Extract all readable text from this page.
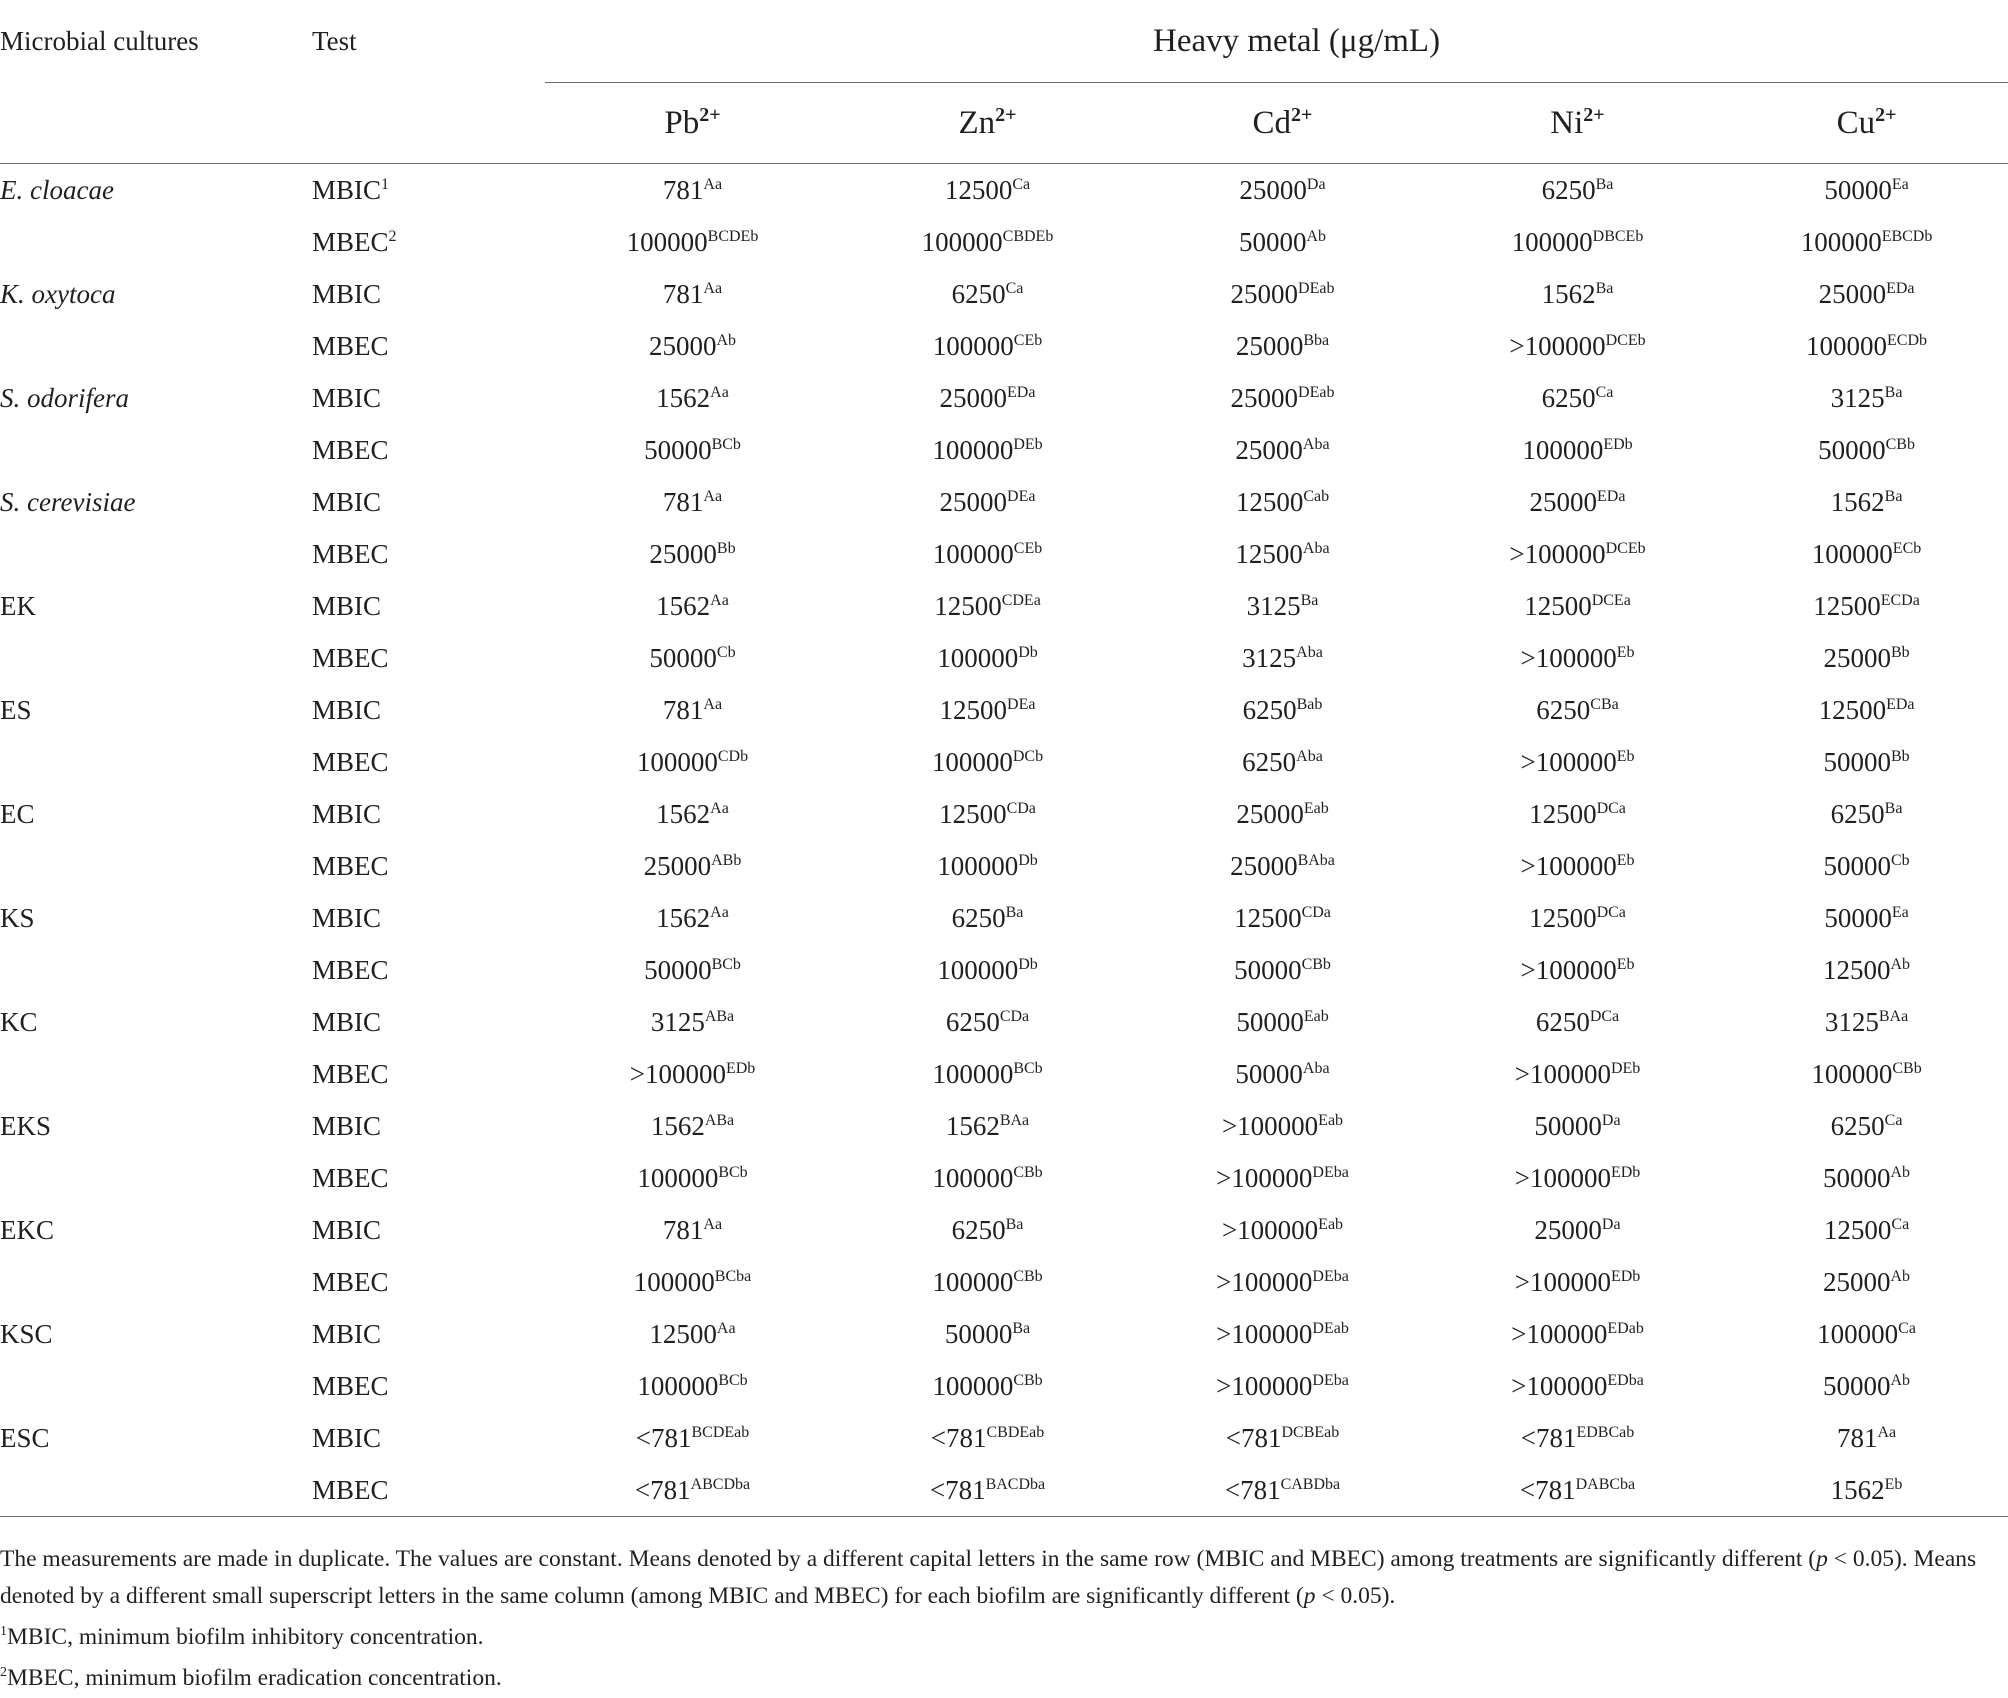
Microbial cultures	Test	Heavy metal (μg/mL)				
		$Pb^{2+}$	$Zn^{2+}$	$Cd^{2+}$	$Ni^{2+}$	$Cu^{2+}$
E. cloacae	MBIC$^1$	$781^{Aa}$	$12500^{Ca}$	$25000^{Da}$	$6250^{Ba}$	$50000^{Ea}$
	MBEC$^2$	$100000^{BCDEb}$	$100000^{CBDEb}$	$50000^{Ab}$	$100000^{DBCEb}$	$100000^{EBCDb}$
K. oxytoca	MBIC	$781^{Aa}$	$6250^{Ca}$	$25000^{DEab}$	$1562^{Ba}$	$25000^{EDa}$
	MBEC	$25000^{Ab}$	$100000^{CEb}$	$25000^{Bba}$	$>100000^{DCEb}$	$100000^{ECDb}$
S. odorifera	MBIC	$1562^{Aa}$	$25000^{EDa}$	$25000^{DEab}$	$6250^{Ca}$	$3125^{Ba}$
	MBEC	$50000^{BCb}$	$100000^{DEb}$	$25000^{Aba}$	$100000^{EDb}$	$50000^{CBb}$
S. cerevisiae	MBIC	$781^{Aa}$	$25000^{DEa}$	$12500^{Cab}$	$25000^{EDa}$	$1562^{Ba}$
	MBEC	$25000^{Bb}$	$100000^{CEb}$	$12500^{Aba}$	$>100000^{DCEb}$	$100000^{ECb}$
EK	MBIC	$1562^{Aa}$	$12500^{CDEa}$	$3125^{Ba}$	$12500^{DCEa}$	$12500^{ECDa}$
	MBEC	$50000^{Cb}$	$100000^{Db}$	$3125^{Aba}$	$>100000^{Eb}$	$25000^{Bb}$
ES	MBIC	$781^{Aa}$	$12500^{DEa}$	$6250^{Bab}$	$6250^{CBa}$	$12500^{EDa}$
	MBEC	$100000^{CDb}$	$100000^{DCb}$	$6250^{Aba}$	$>100000^{Eb}$	$50000^{Bb}$
EC	MBIC	$1562^{Aa}$	$12500^{CDa}$	$25000^{Eab}$	$12500^{DCa}$	$6250^{Ba}$
	MBEC	$25000^{ABb}$	$100000^{Db}$	$25000^{BAba}$	$>100000^{Eb}$	$50000^{Cb}$
KS	MBIC	$1562^{Aa}$	$6250^{Ba}$	$12500^{CDa}$	$12500^{DCa}$	$50000^{Ea}$
	MBEC	$50000^{BCb}$	$100000^{Db}$	$50000^{CBb}$	$>100000^{Eb}$	$12500^{Ab}$
KC	MBIC	$3125^{ABa}$	$6250^{CDa}$	$50000^{Eab}$	$6250^{DCa}$	$3125^{BAa}$
	MBEC	$>100000^{EDb}$	$100000^{BCb}$	$50000^{Aba}$	$>100000^{DEb}$	$100000^{CBb}$
EKS	MBIC	$1562^{ABa}$	$1562^{BAa}$	$>100000^{Eab}$	$50000^{Da}$	$6250^{Ca}$
	MBEC	$100000^{BCb}$	$100000^{CBb}$	$>100000^{DEba}$	$>100000^{EDb}$	$50000^{Ab}$
EKC	MBIC	$781^{Aa}$	$6250^{Ba}$	$>100000^{Eab}$	$25000^{Da}$	$12500^{Ca}$
	MBEC	$100000^{BCba}$	$100000^{CBb}$	$>100000^{DEba}$	$>100000^{EDb}$	$25000^{Ab}$
KSC	MBIC	$12500^{Aa}$	$50000^{Ba}$	$>100000^{DEab}$	$>100000^{EDab}$	$100000^{Ca}$
	MBEC	$100000^{BCb}$	$100000^{CBb}$	$>100000^{DEba}$	$>100000^{EDba}$	$50000^{Ab}$
ESC	MBIC	$<781^{BCDEab}$	$<781^{CBDEab}$	$<781^{DCBEab}$	$<781^{EDBCab}$	$781^{Aa}$
	MBEC	$<781^{ABCDba}$	$<781^{BACDba}$	$<781^{CABDba}$	$<781^{DABCba}$	$1562^{Eb}$

The measurements are made in duplicate. The values are constant. Means denoted by a different capital letters in the same row (MBIC and MBEC) among treatments are significantly different (p < 0.05). Means denoted by a different small superscript letters in the same column (among MBIC and MBEC) for each biofilm are significantly different (p < 0.05).

$^1$MBIC, minimum biofilm inhibitory concentration.

$^2$MBEC, minimum biofilm eradication concentration.
